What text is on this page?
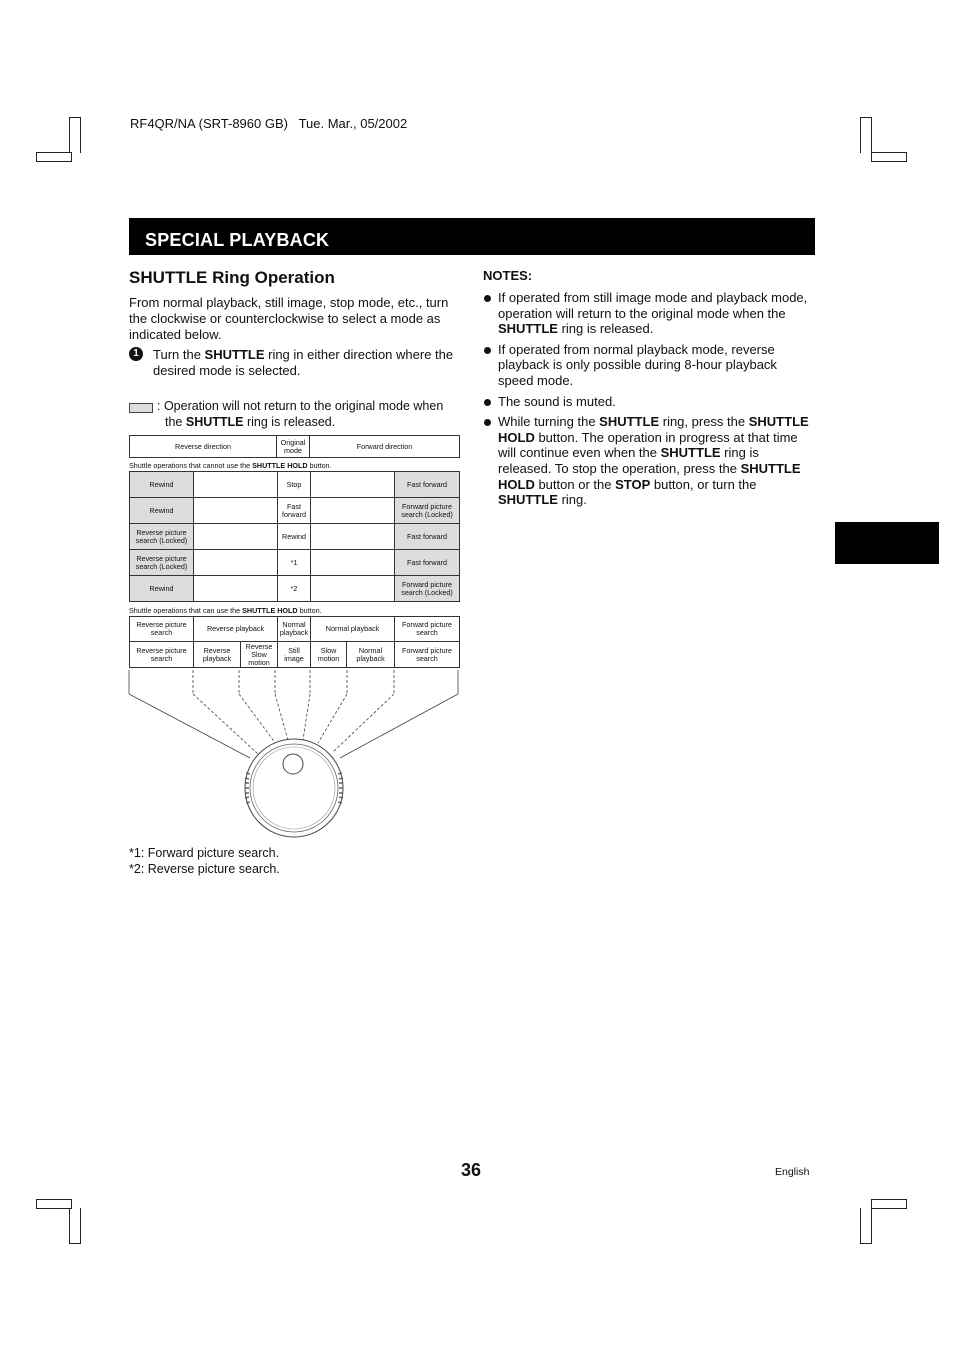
RF4QR/NA (SRT-8960 GB)   Tue. Mar., 05/2002
SPECIAL PLAYBACK
SHUTTLE Ring Operation
From normal playback, still image, stop mode, etc., turn the clockwise or counterclockwise to select a mode as indicated below.
1	Turn the SHUTTLE ring in either direction where the desired mode is selected.
: Operation will not return to the original mode when
the SHUTTLE ring is released.
Reverse direction	Original mode	Forward direction
Shuttle operations that cannot use the SHUTTLE HOLD button.
Rewind		Stop		Fast forward
Rewind		Fast forward		Forward picture search (Locked)
Reverse picture search (Locked)		Rewind		Fast forward
Reverse picture search (Locked)		*1		Fast forward
Rewind		*2		Forward picture search (Locked)
Shuttle operations that can use the SHUTTLE HOLD button.
Reverse picture search	Reverse playback		Normal playback	Normal playback		Forward picture search
Reverse picture search	Reverse playback	Reverse Slow motion	Still image	Slow motion	Normal playback	Forward picture search
*1: Forward picture search.
*2: Reverse picture search.
NOTES:
If operated from still image mode and playback mode, operation will return to the original mode when the SHUTTLE ring is released.
If operated from normal playback mode, reverse playback is only possible during 8-hour playback speed mode.
The sound is muted.
While turning the SHUTTLE ring, press the SHUTTLE HOLD button. The operation in progress at that time will continue even when the SHUTTLE ring is released. To stop the operation, press the SHUTTLE HOLD button or the STOP button, or turn the SHUTTLE ring.
36	English
